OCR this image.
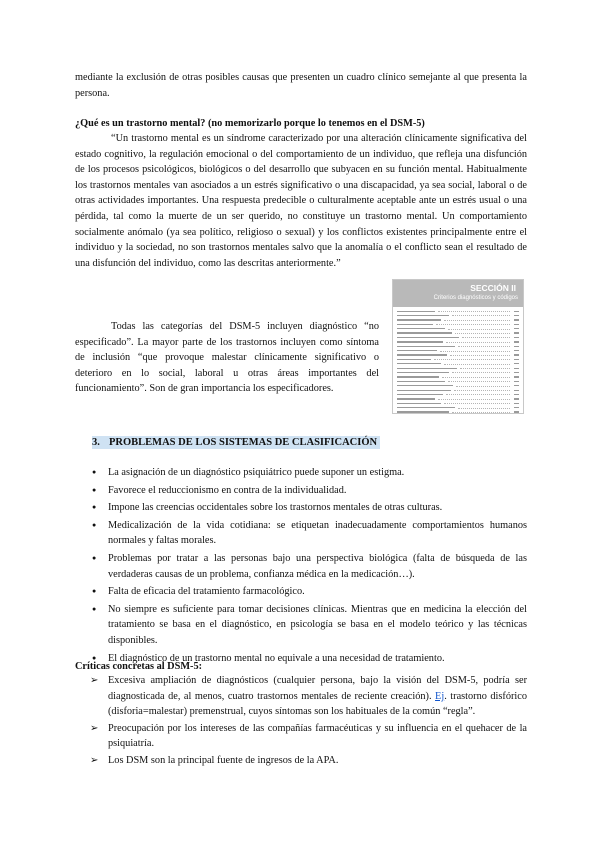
mediante la exclusión de otras posibles causas que presenten un cuadro clínico semejante al que presenta la persona.

¿Qué es un trastorno mental? (no memorizarlo porque lo tenemos en el DSM-5)

“Un trastorno mental es un síndrome caracterizado por una alteración clínicamente significativa del estado cognitivo, la regulación emocional o del comportamiento de un individuo, que refleja una disfunción de los procesos psicológicos, biológicos o del desarrollo que subyacen en su función mental. Habitualmente los trastornos mentales van asociados a un estrés significativo o una discapacidad, ya sea social, laboral o de otras actividades importantes. Una respuesta predecible o culturalmente aceptable ante un estrés usual o una pérdida, tal como la muerte de un ser querido, no constituye un trastorno mental. Un comportamiento socialmente anómalo (ya sea político, religioso o sexual) y los conflictos existentes principalmente entre el individuo y la sociedad, no son trastornos mentales salvo que la anomalía o el conflicto sean el resultado de una disfunción del individuo, como las descritas anteriormente.”

Todas las categorías del DSM-5 incluyen diagnóstico “no especificado”. La mayor parte de los trastornos incluyen como síntoma de inclusión “que provoque malestar clínicamente significativo o deterioro en lo social, laboral u otras áreas importantes del funcionamiento”. Son de gran importancia los especificadores.

SECCIÓN II
Criterios diagnósticos y códigos
3. PROBLEMAS DE LOS SISTEMAS DE CLASIFICACIÓN
● La asignación de un diagnóstico psiquiátrico puede suponer un estigma.
● Favorece el reduccionismo en contra de la individualidad.
● Impone las creencias occidentales sobre los trastornos mentales de otras culturas.
● Medicalización de la vida cotidiana: se etiquetan inadecuadamente comportamientos humanos normales y faltas morales.
● Problemas por tratar a las personas bajo una perspectiva biológica (falta de búsqueda de las verdaderas causas de un problema, confianza médica en la medicación…).
● Falta de eficacia del tratamiento farmacológico.
● No siempre es suficiente para tomar decisiones clínicas. Mientras que en medicina la elección del tratamiento se basa en el diagnóstico, en psicología se basa en el modelo teórico y las técnicas disponibles.
● El diagnóstico de un trastorno mental no equivale a una necesidad de tratamiento.
Críticas concretas al DSM-5:
➢ Excesiva ampliación de diagnósticos (cualquier persona, bajo la visión del DSM-5, podría ser diagnosticada de, al menos, cuatro trastornos mentales de reciente creación). Ej. trastorno disfórico (disforia=malestar) premenstrual, cuyos síntomas son los habituales de la común “regla”.
➢ Preocupación por los intereses de las compañías farmacéuticas y su influencia en el quehacer de la psiquiatría.
➢ Los DSM son la principal fuente de ingresos de la APA.
